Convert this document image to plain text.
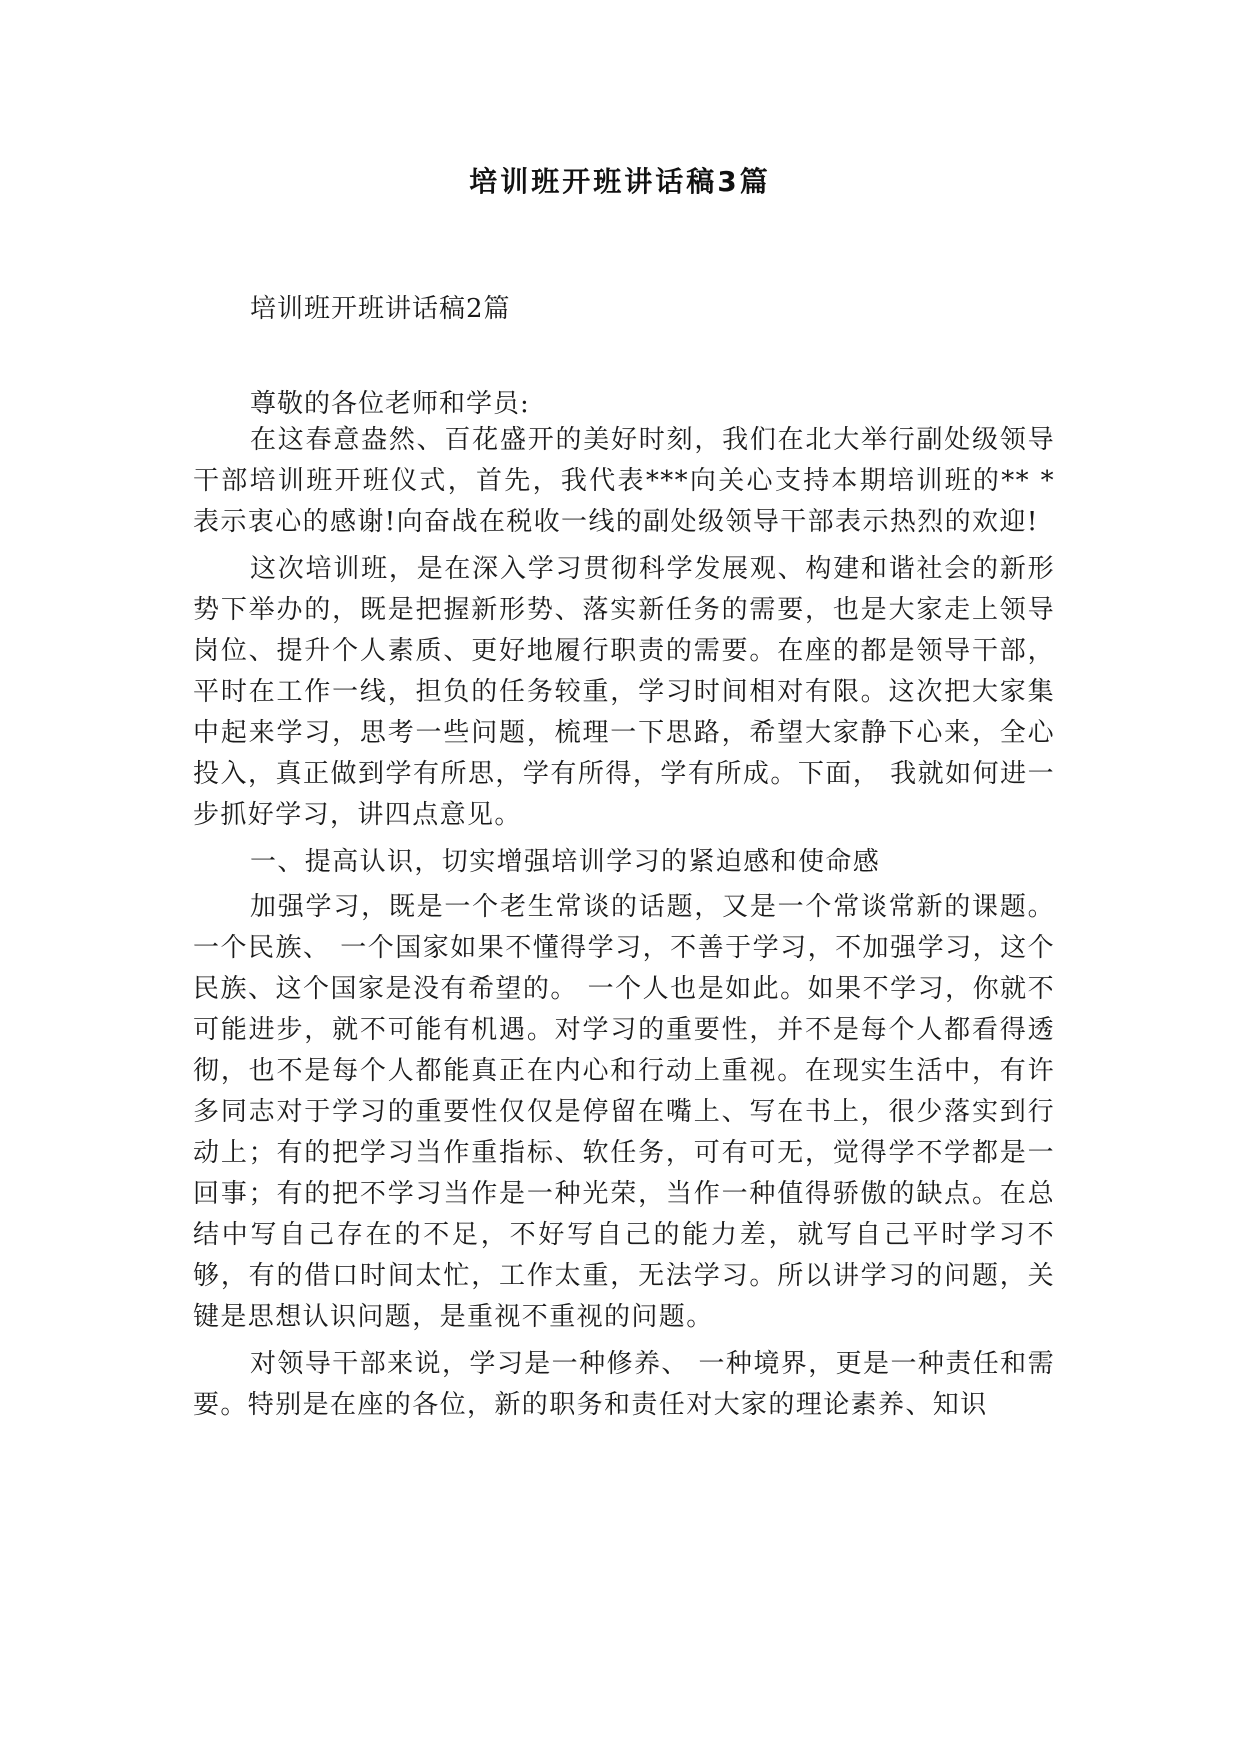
培训班开班讲话稿3篇

培训班开班讲话稿2篇

尊敬的各位老师和学员:

在这春意盎然、百花盛开的美好时刻，我们在北大举行副处级领导干部培训班开班仪式，首先，我代表***向关心支持本期培训班的** *表示衷心的感谢!向奋战在税收一线的副处级领导干部表示热烈的欢迎!

这次培训班，是在深入学习贯彻科学发展观、构建和谐社会的新形势下举办的，既是把握新形势、落实新任务的需要，也是大家走上领导岗位、提升个人素质、更好地履行职责的需要。在座的都是领导干部，平时在工作一线，担负的任务较重，学习时间相对有限。这次把大家集中起来学习，思考一些问题，梳理一下思路，希望大家静下心来，全心投入，真正做到学有所思，学有所得，学有所成。下面， 我就如何进一步抓好学习，讲四点意见。

一、提高认识，切实增强培训学习的紧迫感和使命感

加强学习，既是一个老生常谈的话题，又是一个常谈常新的课题。一个民族、 一个国家如果不懂得学习，不善于学习，不加强学习，这个民族、这个国家是没有希望的。 一个人也是如此。如果不学习，你就不可能进步，就不可能有机遇。对学习的重要性，并不是每个人都看得透彻，也不是每个人都能真正在内心和行动上重视。在现实生活中，有许多同志对于学习的重要性仅仅是停留在嘴上、写在书上，很少落实到行动上；有的把学习当作重指标、软任务，可有可无，觉得学不学都是一回事；有的把不学习当作是一种光荣，当作一种值得骄傲的缺点。在总结中写自己存在的不足，不好写自己的能力差，就写自己平时学习不够，有的借口时间太忙，工作太重，无法学习。所以讲学习的问题，关键是思想认识问题，是重视不重视的问题。

对领导干部来说，学习是一种修养、 一种境界，更是一种责任和需要。特别是在座的各位，新的职务和责任对大家的理论素养、知识
